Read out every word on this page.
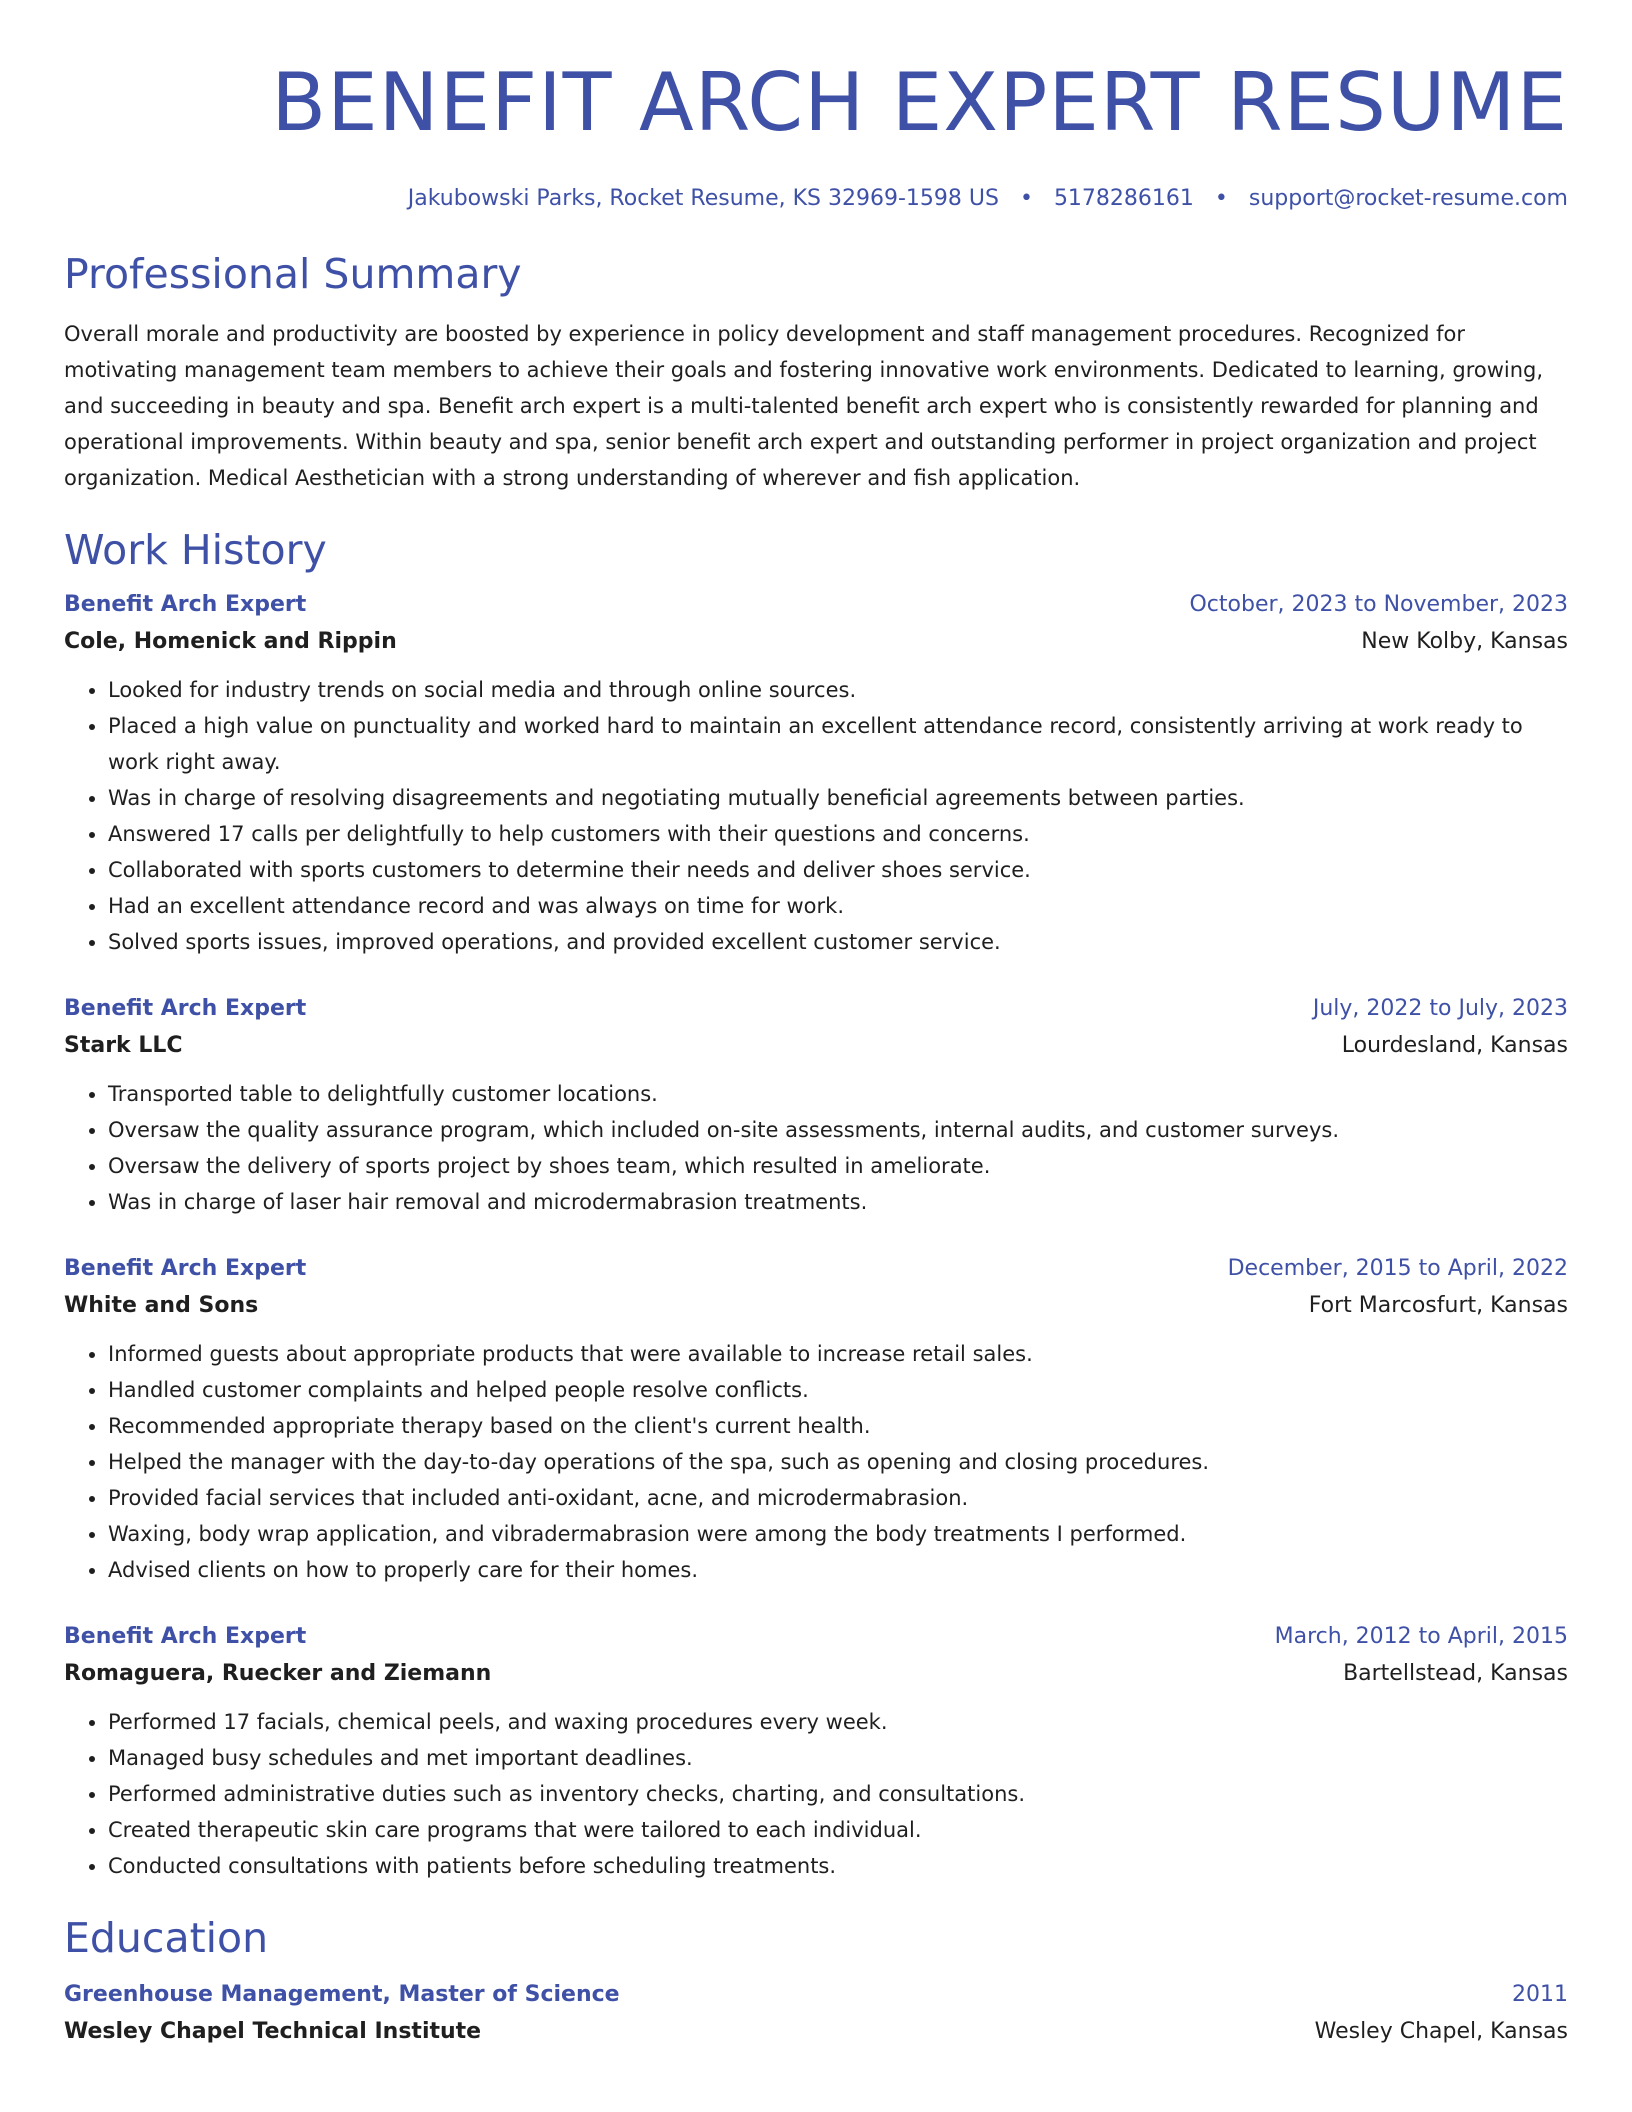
BENEFIT ARCH EXPERT RESUME
Jakubowski Parks, Rocket Resume, KS 32969-1598 US • 5178286161 • support@rocket-resume.com
Professional Summary
Overall morale and productivity are boosted by experience in policy development and staff management procedures. Recognized for motivating management team members to achieve their goals and fostering innovative work environments. Dedicated to learning, growing, and succeeding in beauty and spa. Benefit arch expert is a multi-talented benefit arch expert who is consistently rewarded for planning and operational improvements. Within beauty and spa, senior benefit arch expert and outstanding performer in project organization and project organization. Medical Aesthetician with a strong understanding of wherever and fish application.
Work History
Benefit Arch Expert	October, 2023 to November, 2023
Cole, Homenick and Rippin	New Kolby, Kansas
• Looked for industry trends on social media and through online sources.
• Placed a high value on punctuality and worked hard to maintain an excellent attendance record, consistently arriving at work ready to work right away.
• Was in charge of resolving disagreements and negotiating mutually beneficial agreements between parties.
• Answered 17 calls per delightfully to help customers with their questions and concerns.
• Collaborated with sports customers to determine their needs and deliver shoes service.
• Had an excellent attendance record and was always on time for work.
• Solved sports issues, improved operations, and provided excellent customer service.
Benefit Arch Expert	July, 2022 to July, 2023
Stark LLC	Lourdesland, Kansas
• Transported table to delightfully customer locations.
• Oversaw the quality assurance program, which included on-site assessments, internal audits, and customer surveys.
• Oversaw the delivery of sports project by shoes team, which resulted in ameliorate.
• Was in charge of laser hair removal and microdermabrasion treatments.
Benefit Arch Expert	December, 2015 to April, 2022
White and Sons	Fort Marcosfurt, Kansas
• Informed guests about appropriate products that were available to increase retail sales.
• Handled customer complaints and helped people resolve conflicts.
• Recommended appropriate therapy based on the client's current health.
• Helped the manager with the day-to-day operations of the spa, such as opening and closing procedures.
• Provided facial services that included anti-oxidant, acne, and microdermabrasion.
• Waxing, body wrap application, and vibradermabrasion were among the body treatments I performed.
• Advised clients on how to properly care for their homes.
Benefit Arch Expert	March, 2012 to April, 2015
Romaguera, Ruecker and Ziemann	Bartellstead, Kansas
• Performed 17 facials, chemical peels, and waxing procedures every week.
• Managed busy schedules and met important deadlines.
• Performed administrative duties such as inventory checks, charting, and consultations.
• Created therapeutic skin care programs that were tailored to each individual.
• Conducted consultations with patients before scheduling treatments.
Education
Greenhouse Management, Master of Science	2011
Wesley Chapel Technical Institute	Wesley Chapel, Kansas
